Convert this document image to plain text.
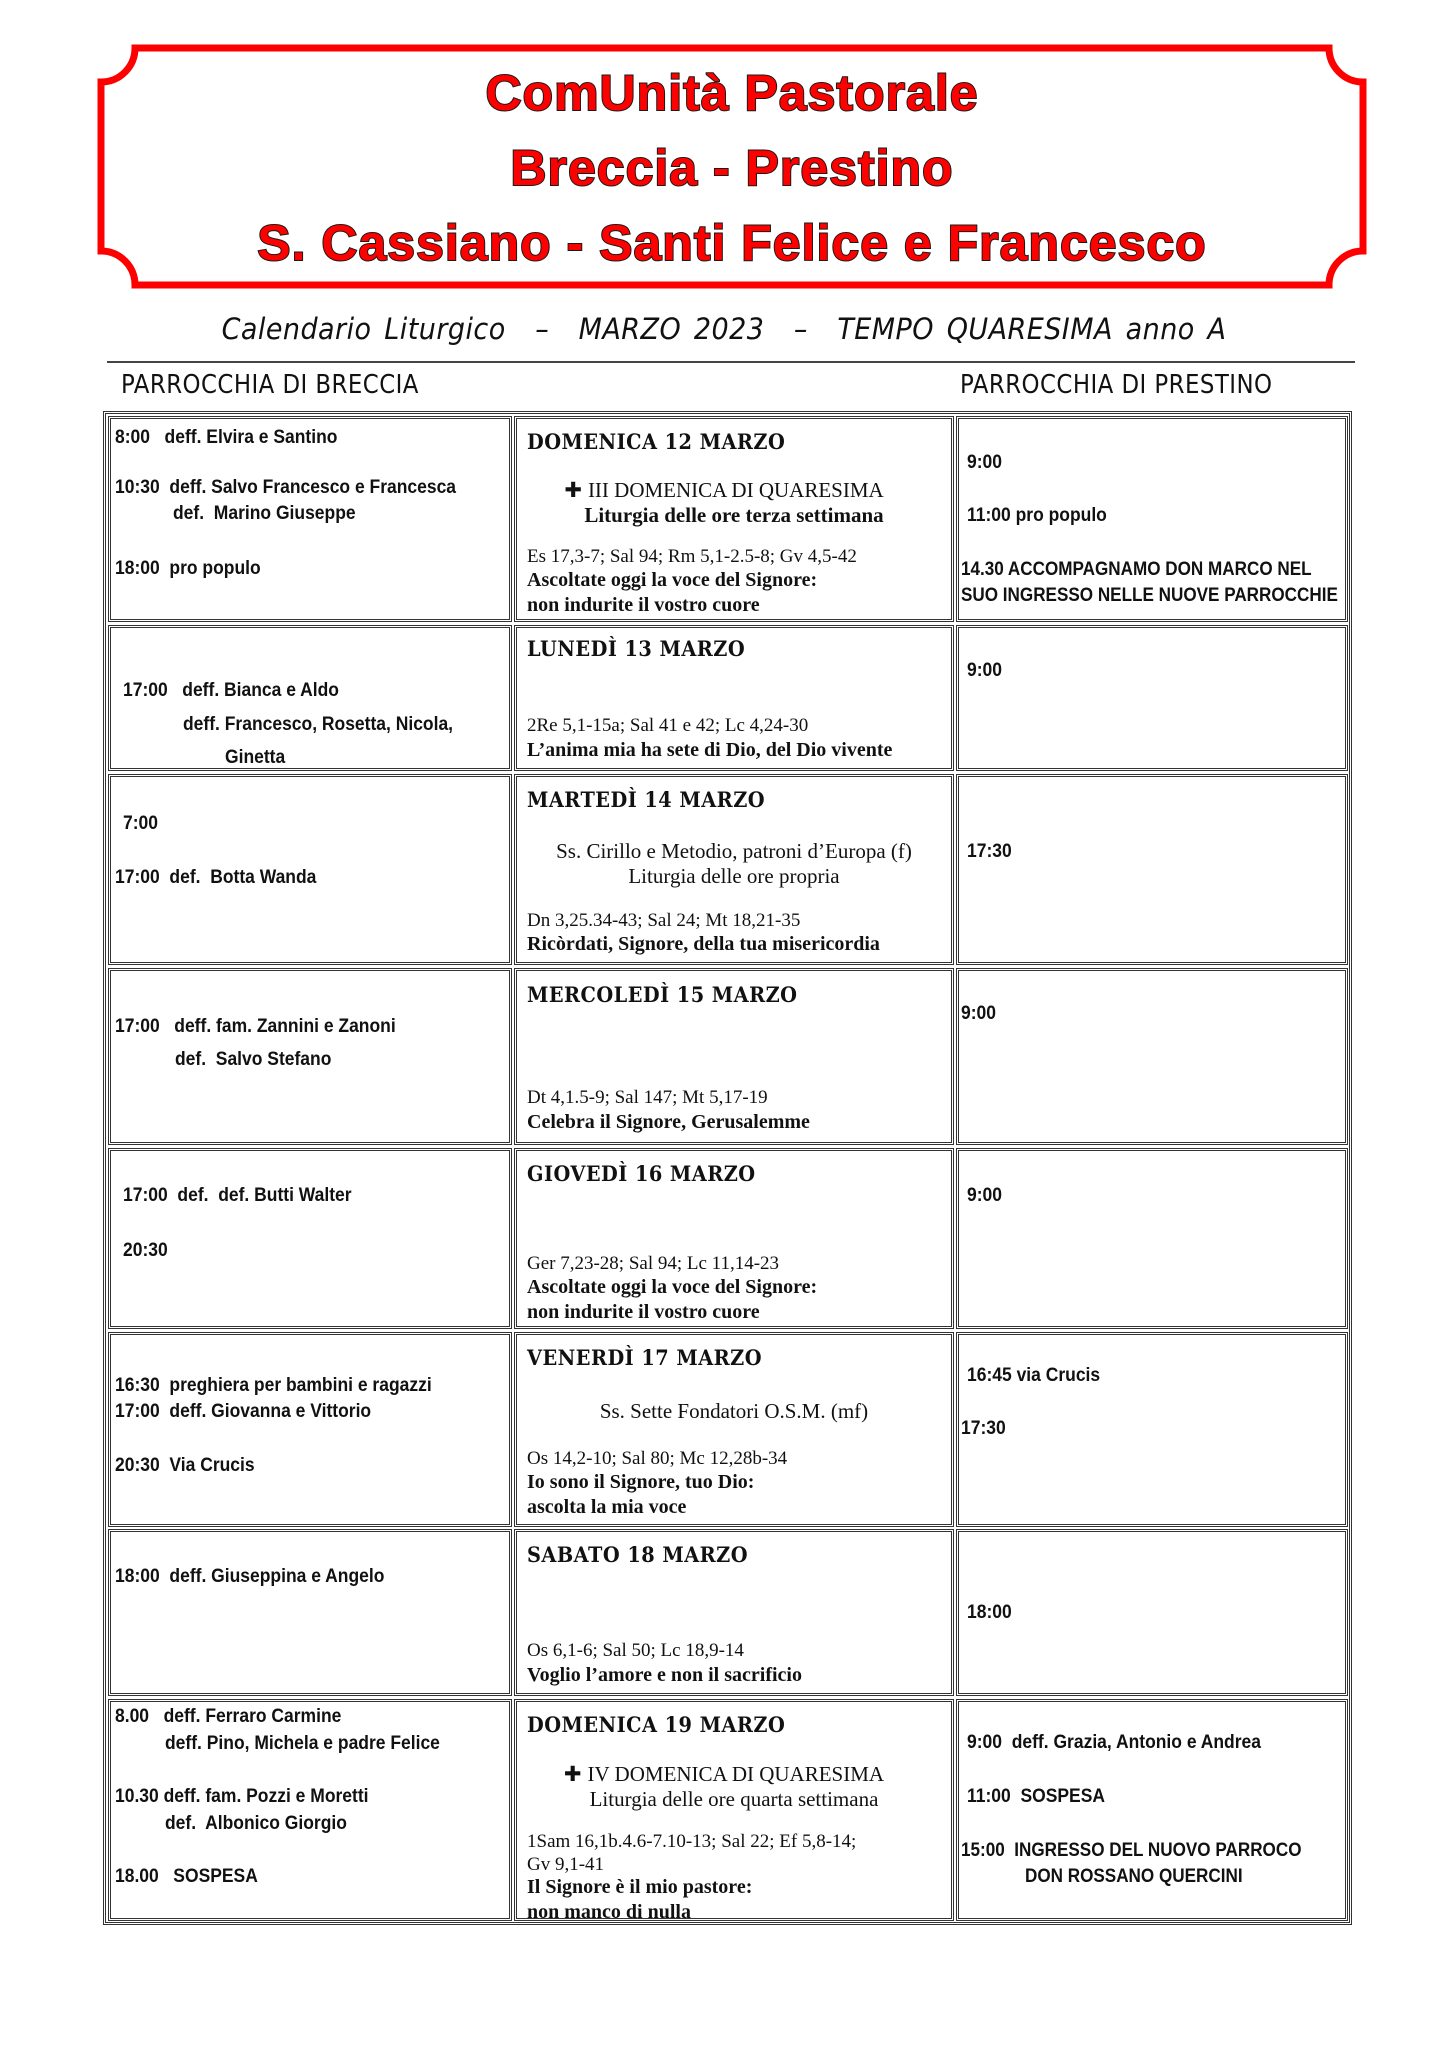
ComUnità Pastorale
Breccia - Prestino
S. Cassiano - Santi Felice e Francesco
Calendario Liturgico – MARZO 2023 – TEMPO QUARESIMA anno A
PARROCCHIA DI BRECCIA	PARROCCHIA DI PRESTINO
8:00   deff. Elvira e Santino
10:30  deff. Salvo Francesco e Francesca
def.  Marino Giuseppe
18:00  pro populo
DOMENICA 12 MARZO
✚ III DOMENICA DI QUARESIMA
Liturgia delle ore terza settimana
Es 17,3-7; Sal 94; Rm 5,1-2.5-8; Gv 4,5-42
Ascoltate oggi la voce del Signore:
non indurite il vostro cuore
9:00
11:00 pro populo
14.30 ACCOMPAGNAMO DON MARCO NEL
SUO INGRESSO NELLE NUOVE PARROCCHIE
17:00   deff. Bianca e Aldo
deff. Francesco, Rosetta, Nicola,
Ginetta
LUNEDÌ 13 MARZO
2Re 5,1-15a; Sal 41 e 42; Lc 4,24-30
L’anima mia ha sete di Dio, del Dio vivente
9:00
7:00
17:00  def.  Botta Wanda
MARTEDÌ 14 MARZO
Ss. Cirillo e Metodio, patroni d’Europa (f)
Liturgia delle ore propria
Dn 3,25.34-43; Sal 24; Mt 18,21-35
Ricòrdati, Signore, della tua misericordia
17:30
17:00   deff. fam. Zannini e Zanoni
def.  Salvo Stefano
MERCOLEDÌ 15 MARZO
Dt 4,1.5-9; Sal 147; Mt 5,17-19
Celebra il Signore, Gerusalemme
9:00
17:00  def.  def. Butti Walter
20:30
GIOVEDÌ 16 MARZO
Ger 7,23-28; Sal 94; Lc 11,14-23
Ascoltate oggi la voce del Signore:
non indurite il vostro cuore
9:00
16:30  preghiera per bambini e ragazzi
17:00  deff. Giovanna e Vittorio
20:30  Via Crucis
VENERDÌ 17 MARZO
Ss. Sette Fondatori O.S.M. (mf)
Os 14,2-10; Sal 80; Mc 12,28b-34
Io sono il Signore, tuo Dio:
ascolta la mia voce
16:45 via Crucis
17:30
18:00  deff. Giuseppina e Angelo
SABATO 18 MARZO
Os 6,1-6; Sal 50; Lc 18,9-14
Voglio l’amore e non il sacrificio
18:00
8.00   deff. Ferraro Carmine
deff. Pino, Michela e padre Felice
10.30 deff. fam. Pozzi e Moretti
def.  Albonico Giorgio
18.00   SOSPESA
DOMENICA 19 MARZO
✚ IV DOMENICA DI QUARESIMA
Liturgia delle ore quarta settimana
1Sam 16,1b.4.6-7.10-13; Sal 22; Ef 5,8-14;
Gv 9,1-41
Il Signore è il mio pastore:
non manco di nulla
9:00  deff. Grazia, Antonio e Andrea
11:00  SOSPESA
15:00  INGRESSO DEL NUOVO PARROCO
DON ROSSANO QUERCINI
